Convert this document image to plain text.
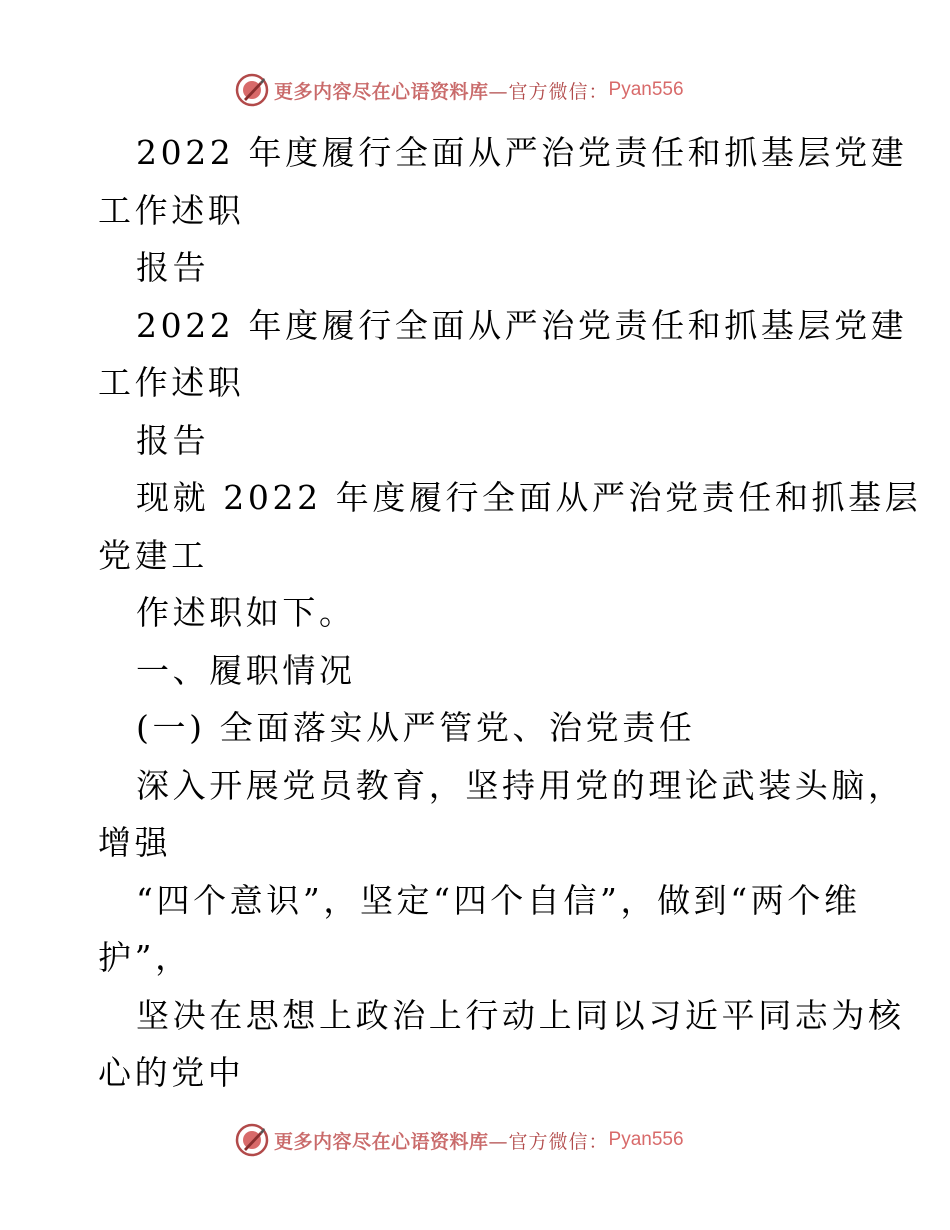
更多内容尽在心语资料库 —官方微信： Pyan556
2022 年度履行全面从严治党责任和抓基层党建
工作述职
报告
2022 年度履行全面从严治党责任和抓基层党建
工作述职
报告
现就 2022 年度履行全面从严治党责任和抓基层
党建工
作述职如下。
一、履职情况
(一) 全面落实从严管党、治党责任
深入开展党员教育，坚持用党的理论武装头脑，
增强
“四个意识”，坚定“四个自信”，做到“两个维
护”，
坚决在思想上政治上行动上同以习近平同志为核
心的党中
更多内容尽在心语资料库 —官方微信： Pyan556
